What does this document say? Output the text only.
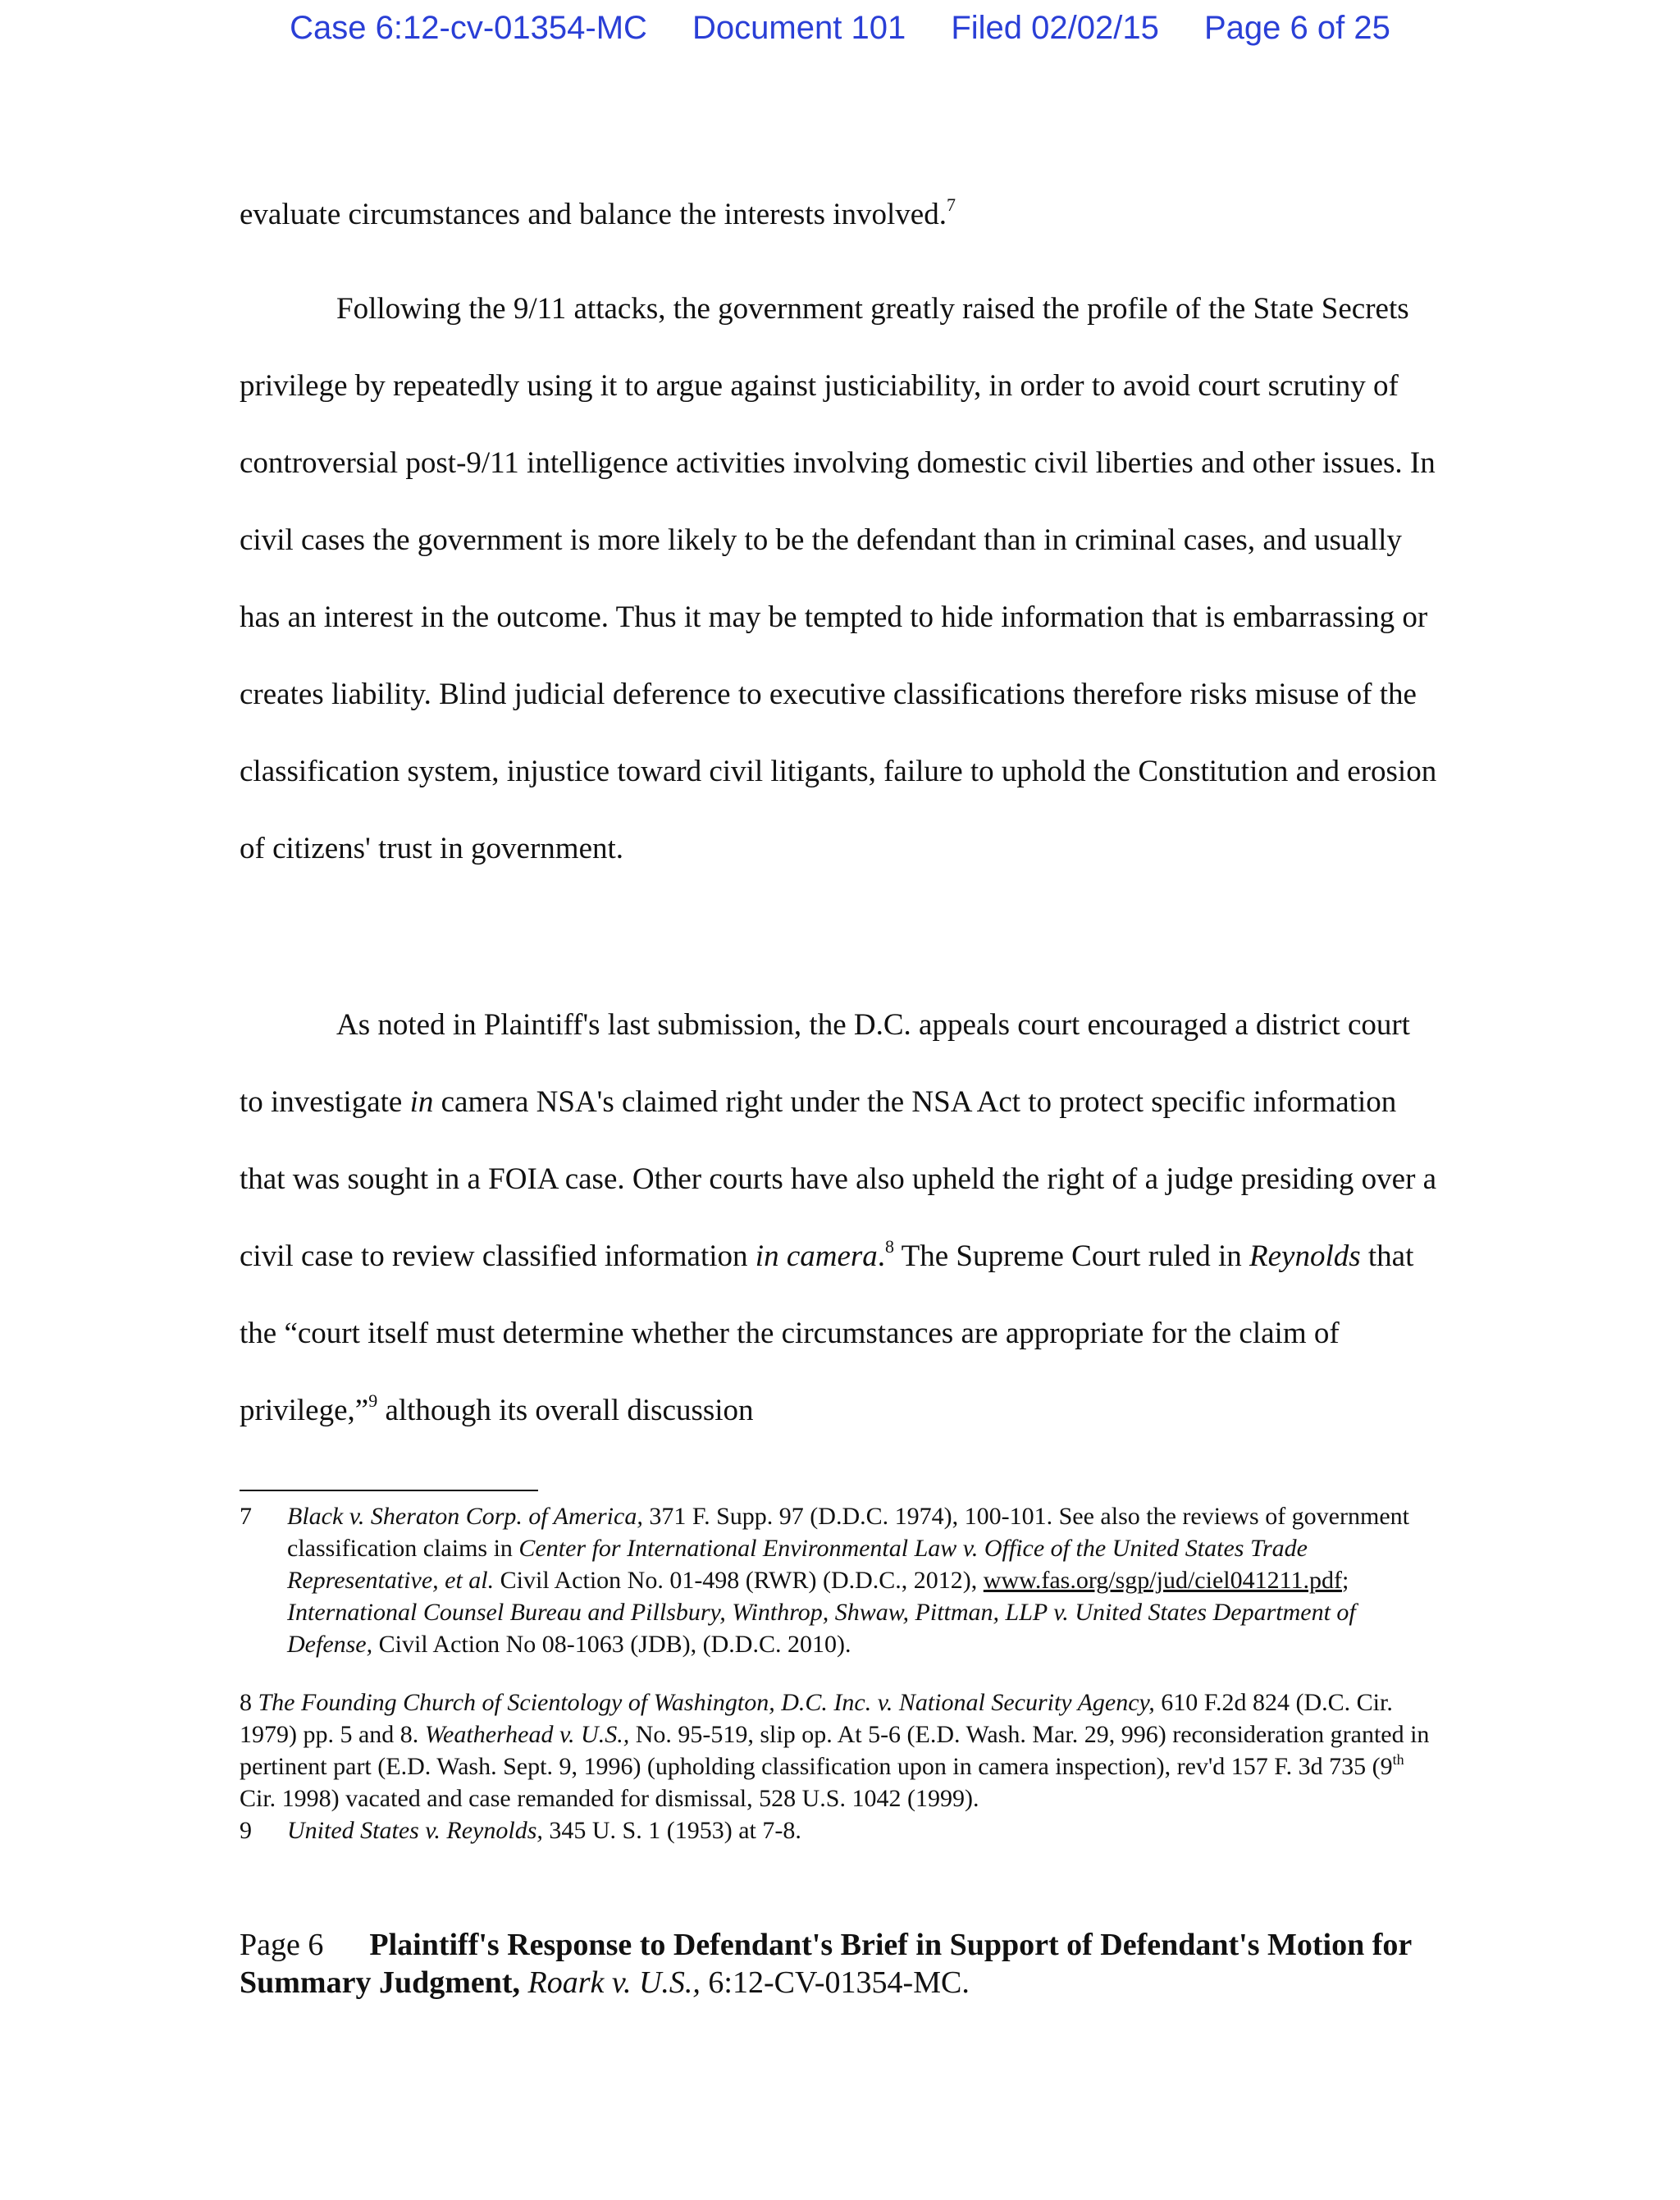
Case 6:12-cv-01354-MC Document 101 Filed 02/02/15 Page 6 of 25

evaluate circumstances and balance the interests involved.$^7$

Following the 9/11 attacks, the government greatly raised the profile of the State Secrets privilege by repeatedly using it to argue against justiciability, in order to avoid court scrutiny of controversial post-9/11 intelligence activities involving domestic civil liberties and other issues. In civil cases the government is more likely to be the defendant than in criminal cases, and usually has an interest in the outcome. Thus it may be tempted to hide information that is embarrassing or creates liability. Blind judicial deference to executive classifications therefore risks misuse of the classification system, injustice toward civil litigants, failure to uphold the Constitution and erosion of citizens' trust in government.

As noted in Plaintiff's last submission, the D.C. appeals court encouraged a district court to investigate in camera NSA's claimed right under the NSA Act to protect specific information that was sought in a FOIA case. Other courts have also upheld the right of a judge presiding over a civil case to review classified information in camera.$^8$ The Supreme Court ruled in Reynolds that the “court itself must determine whether the circumstances are appropriate for the claim of privilege,”$^9$ although its overall discussion

7	Black v. Sheraton Corp. of America, 371 F. Supp. 97 (D.D.C. 1974), 100-101. See also the reviews of government classification claims in Center for International Environmental Law v. Office of the United States Trade Representative, et al. Civil Action No. 01-498 (RWR) (D.D.C., 2012), www.fas.org/sgp/jud/ciel041211.pdf; International Counsel Bureau and Pillsbury, Winthrop, Shwaw, Pittman, LLP v. United States Department of Defense, Civil Action No 08-1063 (JDB), (D.D.C. 2010).
8 The Founding Church of Scientology of Washington, D.C. Inc. v. National Security Agency, 610 F.2d 824 (D.C. Cir. 1979) pp. 5 and 8. Weatherhead v. U.S., No. 95-519, slip op. At 5-6 (E.D. Wash. Mar. 29, 996) reconsideration granted in pertinent part (E.D. Wash. Sept. 9, 1996) (upholding classification upon in camera inspection), rev'd 157 F. 3d 735 (9th Cir. 1998) vacated and case remanded for dismissal, 528 U.S. 1042 (1999).
9	United States v. Reynolds, 345 U. S. 1 (1953) at 7-8.
Page 6 Plaintiff's Response to Defendant's Brief in Support of Defendant's Motion for Summary Judgment, Roark v. U.S., 6:12-CV-01354-MC.
